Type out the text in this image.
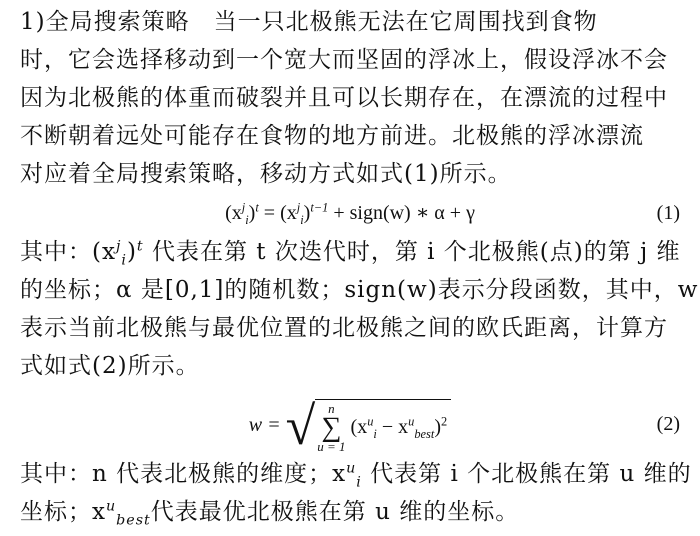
1)全局搜索策略　当一只北极熊无法在它周围找到食物
时，它会选择移动到一个宽大而坚固的浮冰上，假设浮冰不会
因为北极熊的体重而破裂并且可以长期存在，在漂流的过程中
不断朝着远处可能存在食物的地方前进。北极熊的浮冰漂流
对应着全局搜索策略，移动方式如式(1)所示。
$(x^j_i)^t = (x^j_i)^{t-1}$ + sign(w) ∗ α + γ	(1)
其中：$(x^j_i)^t$ 代表在第 t 次迭代时，第 i 个北极熊(点)的第 j 维
的坐标；α 是[0,1]的随机数；sign(w)表示分段函数，其中，w
表示当前北极熊与最优位置的北极熊之间的欧氏距离，计算方
式如式(2)所示。
w = √ n
∑
u = 1 $(x^u_i - x^u_{best})^2$	(2)
其中：n 代表北极熊的维度；$x^u_i$ 代表第 i 个北极熊在第 u 维的
坐标；$x^u_{best}$代表最优北极熊在第 u 维的坐标。
